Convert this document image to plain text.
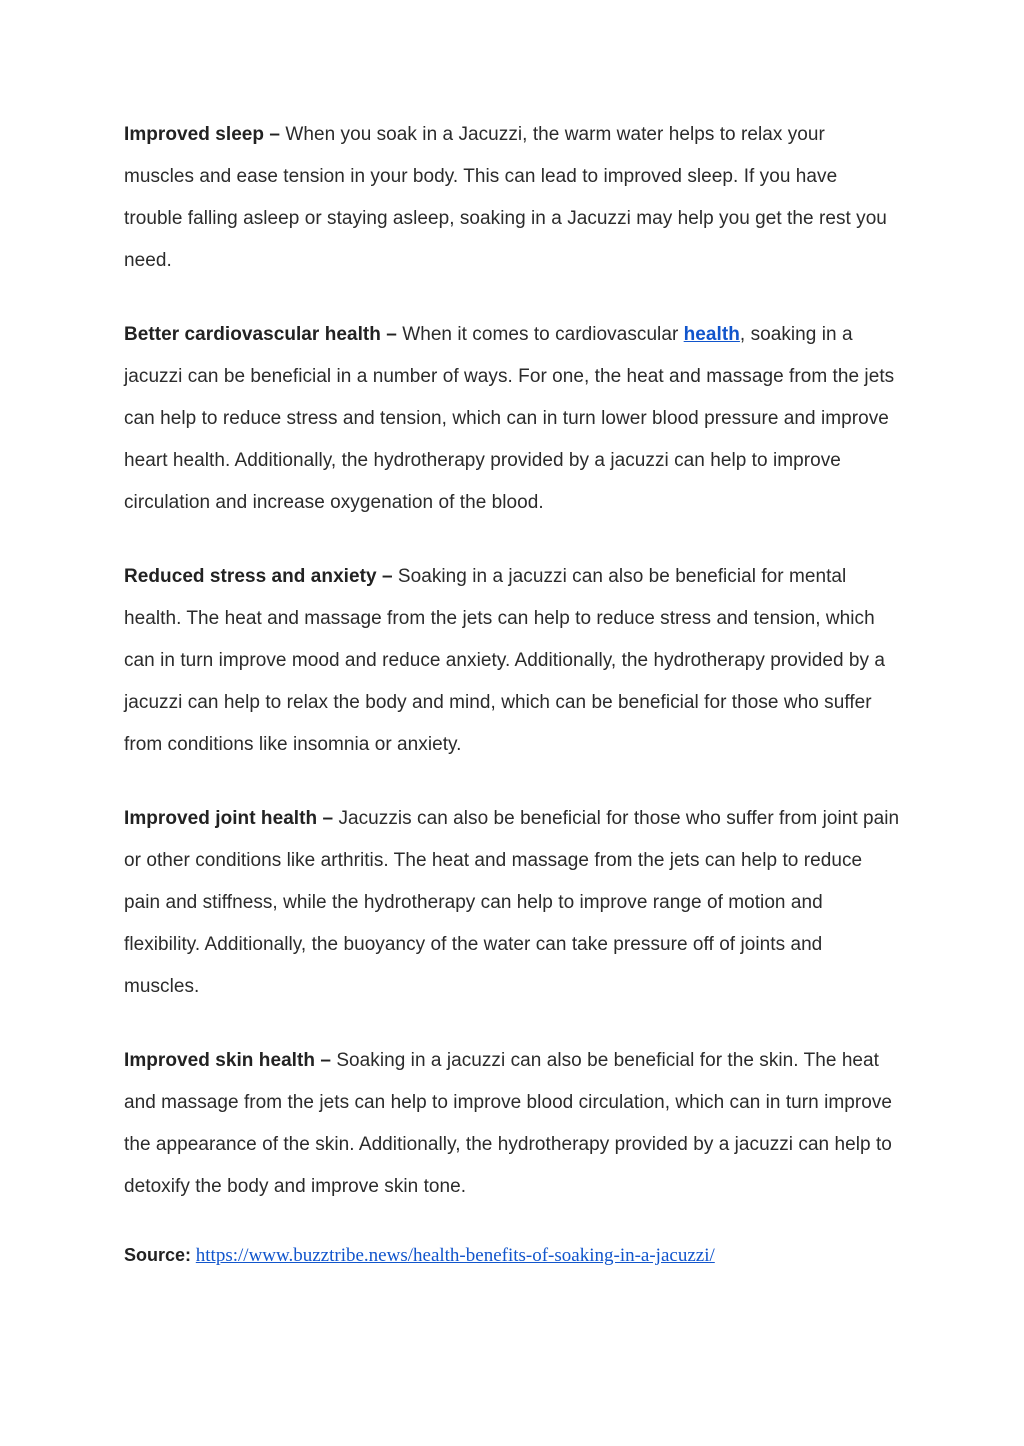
Improved sleep – When you soak in a Jacuzzi, the warm water helps to relax your muscles and ease tension in your body. This can lead to improved sleep. If you have trouble falling asleep or staying asleep, soaking in a Jacuzzi may help you get the rest you need.

Better cardiovascular health – When it comes to cardiovascular health, soaking in a jacuzzi can be beneficial in a number of ways. For one, the heat and massage from the jets can help to reduce stress and tension, which can in turn lower blood pressure and improve heart health. Additionally, the hydrotherapy provided by a jacuzzi can help to improve circulation and increase oxygenation of the blood.

Reduced stress and anxiety – Soaking in a jacuzzi can also be beneficial for mental health. The heat and massage from the jets can help to reduce stress and tension, which can in turn improve mood and reduce anxiety. Additionally, the hydrotherapy provided by a jacuzzi can help to relax the body and mind, which can be beneficial for those who suffer from conditions like insomnia or anxiety.

Improved joint health – Jacuzzis can also be beneficial for those who suffer from joint pain or other conditions like arthritis. The heat and massage from the jets can help to reduce pain and stiffness, while the hydrotherapy can help to improve range of motion and flexibility. Additionally, the buoyancy of the water can take pressure off of joints and muscles.

Improved skin health – Soaking in a jacuzzi can also be beneficial for the skin. The heat and massage from the jets can help to improve blood circulation, which can in turn improve the appearance of the skin. Additionally, the hydrotherapy provided by a jacuzzi can help to detoxify the body and improve skin tone.

Source: https://www.buzztribe.news/health-benefits-of-soaking-in-a-jacuzzi/
